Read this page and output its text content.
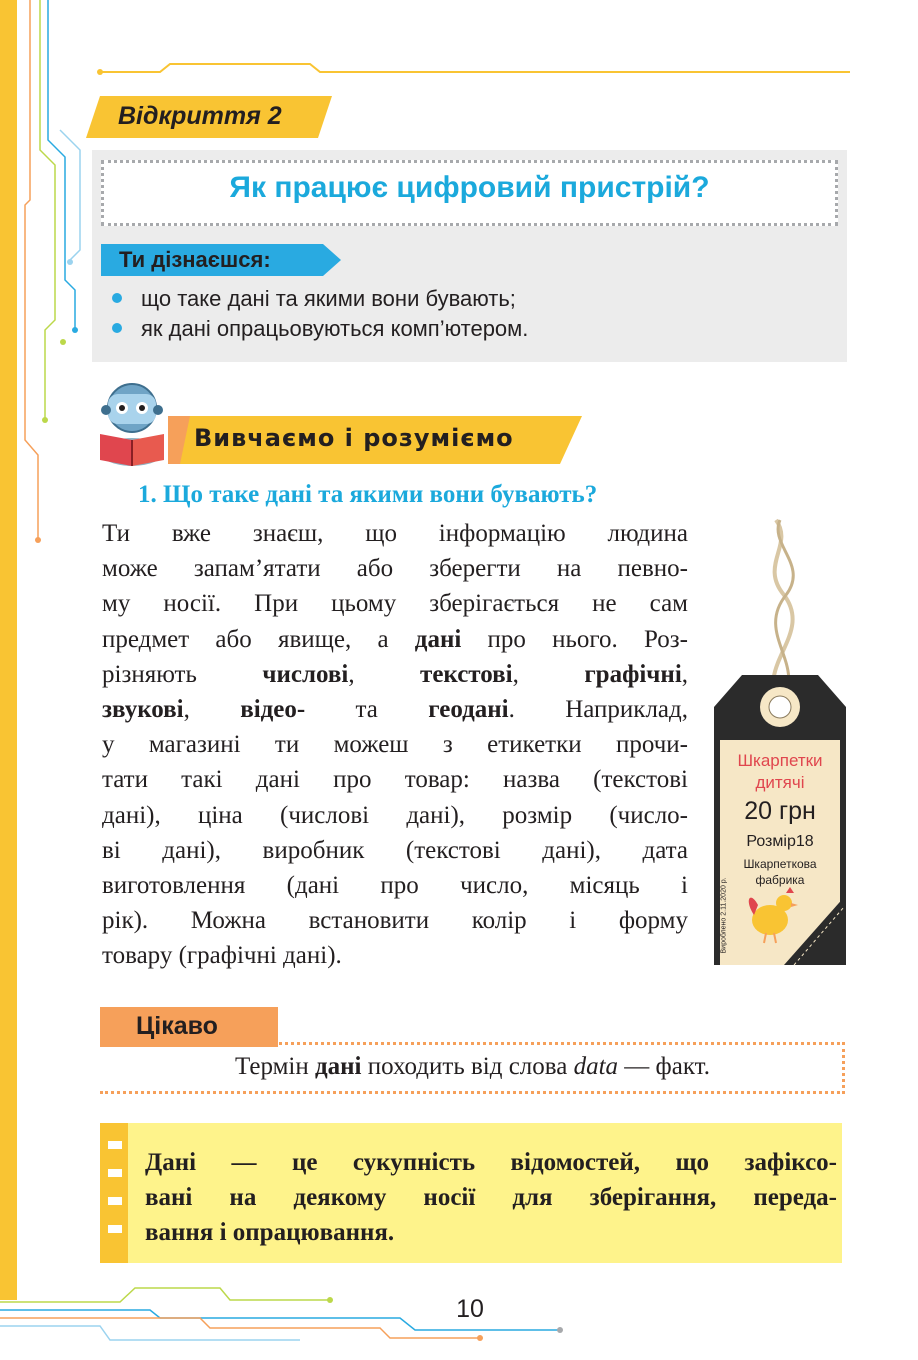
Відкриття 2
Як працює цифровий пристрій?
Ти дізнаєшся:
що таке дані та якими вони бувають;
як дані опрацьовуються комп’ютером.
Вивчаємо і розуміємо
1. Що таке дані та якими вони бувають?
Ти вже знаєш, що інформацію людина
може запам’ятати або зберегти на певно-
му носії. При цьому зберігається не сам
предмет або явище, а дані про нього. Роз-
різняють числові, текстові, графічні,
звукові, відео- та геодані. Наприклад,
у магазині ти можеш з етикетки прочи-
тати такі дані про товар: назва (текстові
дані), ціна (числові дані), розмір (число-
ві дані), виробник (текстові дані), дата
виготовлення (дані про число, місяць і
рік). Можна встановити колір і форму
товару (графічні дані).
Шкарпетки
дитячі
20 грн
Розмір18
Шкарпеткова
фабрика
Вироблено 2.11.2020 р.
Цікаво
Термін дані походить від слова data — факт.
Дані — це сукупність відомостей, що зафіксо-
вані на деякому носії для зберігання, переда-
вання і опрацювання.
10
